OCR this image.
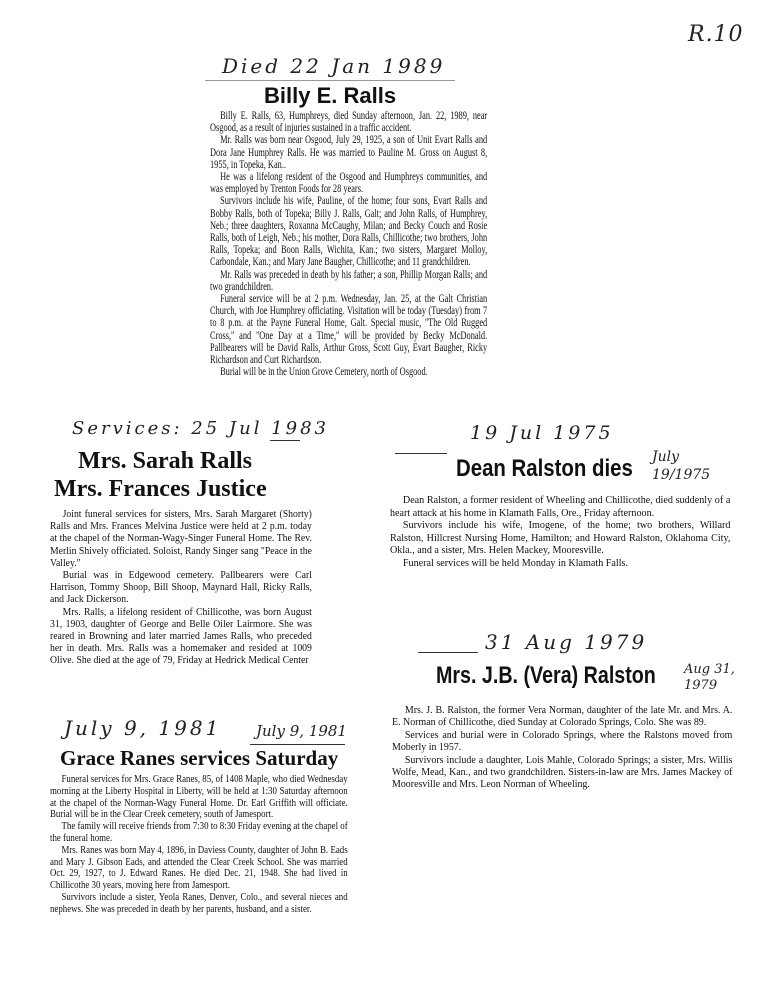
R.10
Died 22 Jan 1989
Billy E. Ralls

Billy E. Ralls, 63, Humphreys, died Sunday afternoon, Jan. 22, 1989, near Osgood, as a result of injuries sustained in a traffic accident.

Mr. Ralls was born near Osgood, July 29, 1925, a son of Unit Evart Ralls and Dora Jane Humphrey Ralls. He was married to Pauline M. Gross on August 8, 1955, in Topeka, Kan..

He was a lifelong resident of the Osgood and Humphreys communities, and was employed by Trenton Foods for 28 years.

Survivors include his wife, Pauline, of the home; four sons, Evart Ralls and Bobby Ralls, both of Topeka; Billy J. Ralls, Galt; and John Ralls, of Humphrey, Neb.; three daughters, Roxanna McCaughy, Milan; and Becky Couch and Rosie Ralls, both of Leigh, Neb.; his mother, Dora Ralls, Chillicothe; two brothers, John Ralls, Topeka; and Boon Ralls, Wichita, Kan.; two sisters, Margaret Molloy, Carbondale, Kan.; and Mary Jane Baugher, Chillicothe; and 11 grandchildren.

Mr. Ralls was preceded in death by his father; a son, Phillip Morgan Ralls; and two grandchildren.

Funeral service will be at 2 p.m. Wednesday, Jan. 25, at the Galt Christian Church, with Joe Humphrey officiating. Visitation will be today (Tuesday) from 7 to 8 p.m. at the Payne Funeral Home, Galt. Special music, ''The Old Rugged Cross,'' and ''One Day at a Time,'' will be provided by Becky McDonald. Pallbearers will be David Ralls, Arthur Gross, Scott Guy, Evart Baugher, Ricky Richardson and Curt Richardson.

Burial will be in the Union Grove Cemetery, north of Osgood.

Services: 25 Jul 1983
Mrs. Sarah Ralls
Mrs. Frances Justice

Joint funeral services for sisters, Mrs. Sarah Margaret (Shorty) Ralls and Mrs. Frances Melvina Justice were held at 2 p.m. today at the chapel of the Norman-Wagy-Singer Funeral Home. The Rev. Merlin Shively officiated. Soloist, Randy Singer sang "Peace in the Valley."

Burial was in Edgewood cemetery. Pallbearers were Carl Harrison, Tommy Shoop, Bill Shoop, Maynard Hall, Ricky Ralls, and Jack Dickerson.

Mrs. Ralls, a lifelong resident of Chillicothe, was born August 31, 1903, daughter of George and Belle Oiler Lairmore. She was reared in Browning and later married James Ralls, who preceded her in death. Mrs. Ralls was a homemaker and resided at 1009 Olive. She died at the age of 79, Friday at Hedrick Medical Center

July 9, 1981 July 9, 1981
Grace Ranes services Saturday

Funeral services for Mrs. Grace Ranes, 85, of 1408 Maple, who died Wednesday morning at the Liberty Hospital in Liberty, will be held at 1:30 Saturday afternoon at the chapel of the Norman-Wagy Funeral Home. Dr. Earl Griffith will officiate. Burial will be in the Clear Creek cemetery, south of Jamesport.

The family will receive friends from 7:30 to 8:30 Friday evening at the chapel of the funeral home.

Mrs. Ranes was born May 4, 1896, in Daviess County, daughter of John B. Eads and Mary J. Gibson Eads, and attended the Clear Creek School. She was married Oct. 29, 1927, to J. Edward Ranes. He died Dec. 21, 1948. She had lived in Chillicothe 30 years, moving here from Jamesport.

Survivors include a sister, Yeola Ranes, Denver, Colo., and several nieces and nephews. She was preceded in death by her parents, husband, and a sister.

19 Jul 1975
Dean Ralston dies July 19/1975

Dean Ralston, a former resident of Wheeling and Chillicothe, died suddenly of a heart attack at his home in Klamath Falls, Ore., Friday afternoon.

Survivors include his wife, Imogene, of the home; two brothers, Willard Ralston, Hillcrest Nursing Home, Hamilton; and Howard Ralston, Oklahoma City, Okla., and a sister, Mrs. Helen Mackey, Mooresville.

Funeral services will be held Monday in Klamath Falls.

31 Aug 1979
Mrs. J.B. (Vera) Ralston Aug 31, 1979

Mrs. J. B. Ralston, the former Vera Norman, daughter of the late Mr. and Mrs. A. E. Norman of Chillicothe, died Sunday at Colorado Springs, Colo. She was 89.

Services and burial were in Colorado Springs, where the Ralstons moved from Moberly in 1957.

Survivors include a daughter, Lois Mahle, Colorado Springs; a sister, Mrs. Willis Wolfe, Mead, Kan., and two grandchildren. Sisters-in-law are Mrs. James Mackey of Mooresville and Mrs. Leon Norman of Wheeling.
